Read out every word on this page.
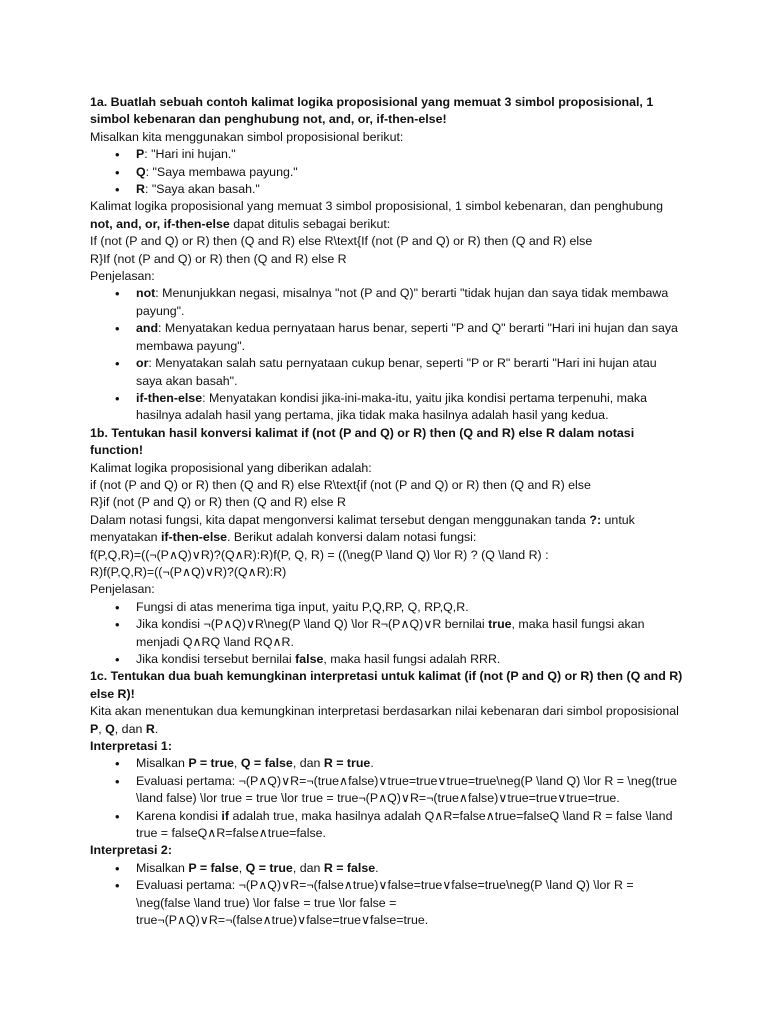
1a. Buatlah sebuah contoh kalimat logika proposisional yang memuat 3 simbol proposisional, 1 simbol kebenaran dan penghubung not, and, or, if-then-else!

Misalkan kita menggunakan simbol proposisional berikut:

• P: "Hari ini hujan."
• Q: "Saya membawa payung."
• R: "Saya akan basah."

Kalimat logika proposisional yang memuat 3 simbol proposisional, 1 simbol kebenaran, dan penghubung
not, and, or, if-then-else dapat ditulis sebagai berikut:

If (not (P and Q) or R) then (Q and R) else R\text{If (not (P and Q) or R) then (Q and R) else

R}If (not (P and Q) or R) then (Q and R) else R

Penjelasan:

• not: Menunjukkan negasi, misalnya "not (P and Q)" berarti "tidak hujan dan saya tidak membawa payung".
• and: Menyatakan kedua pernyataan harus benar, seperti "P and Q" berarti "Hari ini hujan dan saya membawa payung".
• or: Menyatakan salah satu pernyataan cukup benar, seperti "P or R" berarti "Hari ini hujan atau saya akan basah".
• if-then-else: Menyatakan kondisi jika-ini-maka-itu, yaitu jika kondisi pertama terpenuhi, maka hasilnya adalah hasil yang pertama, jika tidak maka hasilnya adalah hasil yang kedua.

1b. Tentukan hasil konversi kalimat if (not (P and Q) or R) then (Q and R) else R dalam notasi function!

Kalimat logika proposisional yang diberikan adalah:

if (not (P and Q) or R) then (Q and R) else R\text{if (not (P and Q) or R) then (Q and R) else

R}if (not (P and Q) or R) then (Q and R) else R

Dalam notasi fungsi, kita dapat mengonversi kalimat tersebut dengan menggunakan tanda ?: untuk menyatakan if-then-else. Berikut adalah konversi dalam notasi fungsi:

f(P,Q,R)=((¬(P∧Q)∨R)?(Q∧R):R)f(P, Q, R) = ((\neg(P \land Q) \lor R) ? (Q \land R) :

R)f(P,Q,R)=((¬(P∧Q)∨R)?(Q∧R):R)

Penjelasan:

• Fungsi di atas menerima tiga input, yaitu P,Q,RP, Q, RP,Q,R.
• Jika kondisi ¬(P∧Q)∨R\neg(P \land Q) \lor R¬(P∧Q)∨R bernilai true, maka hasil fungsi akan menjadi Q∧RQ \land RQ∧R.
• Jika kondisi tersebut bernilai false, maka hasil fungsi adalah RRR.

1c. Tentukan dua buah kemungkinan interpretasi untuk kalimat (if (not (P and Q) or R) then (Q and R) else R)!

Kita akan menentukan dua kemungkinan interpretasi berdasarkan nilai kebenaran dari simbol proposisional P, Q, dan R.

Interpretasi 1:

• Misalkan P = true, Q = false, dan R = true.
• Evaluasi pertama: ¬(P∧Q)∨R=¬(true∧false)∨true=true∨true=true\neg(P \land Q) \lor R = \neg(true \land false) \lor true = true \lor true = true¬(P∧Q)∨R=¬(true∧false)∨true=true∨true=true.
• Karena kondisi if adalah true, maka hasilnya adalah Q∧R=false∧true=falseQ \land R = false \land true = falseQ∧R=false∧true=false.

Interpretasi 2:

• Misalkan P = false, Q = true, dan R = false.
• Evaluasi pertama: ¬(P∧Q)∨R=¬(false∧true)∨false=true∨false=true\neg(P \land Q) \lor R = \neg(false \land true) \lor false = true \lor false = true¬(P∧Q)∨R=¬(false∧true)∨false=true∨false=true.
